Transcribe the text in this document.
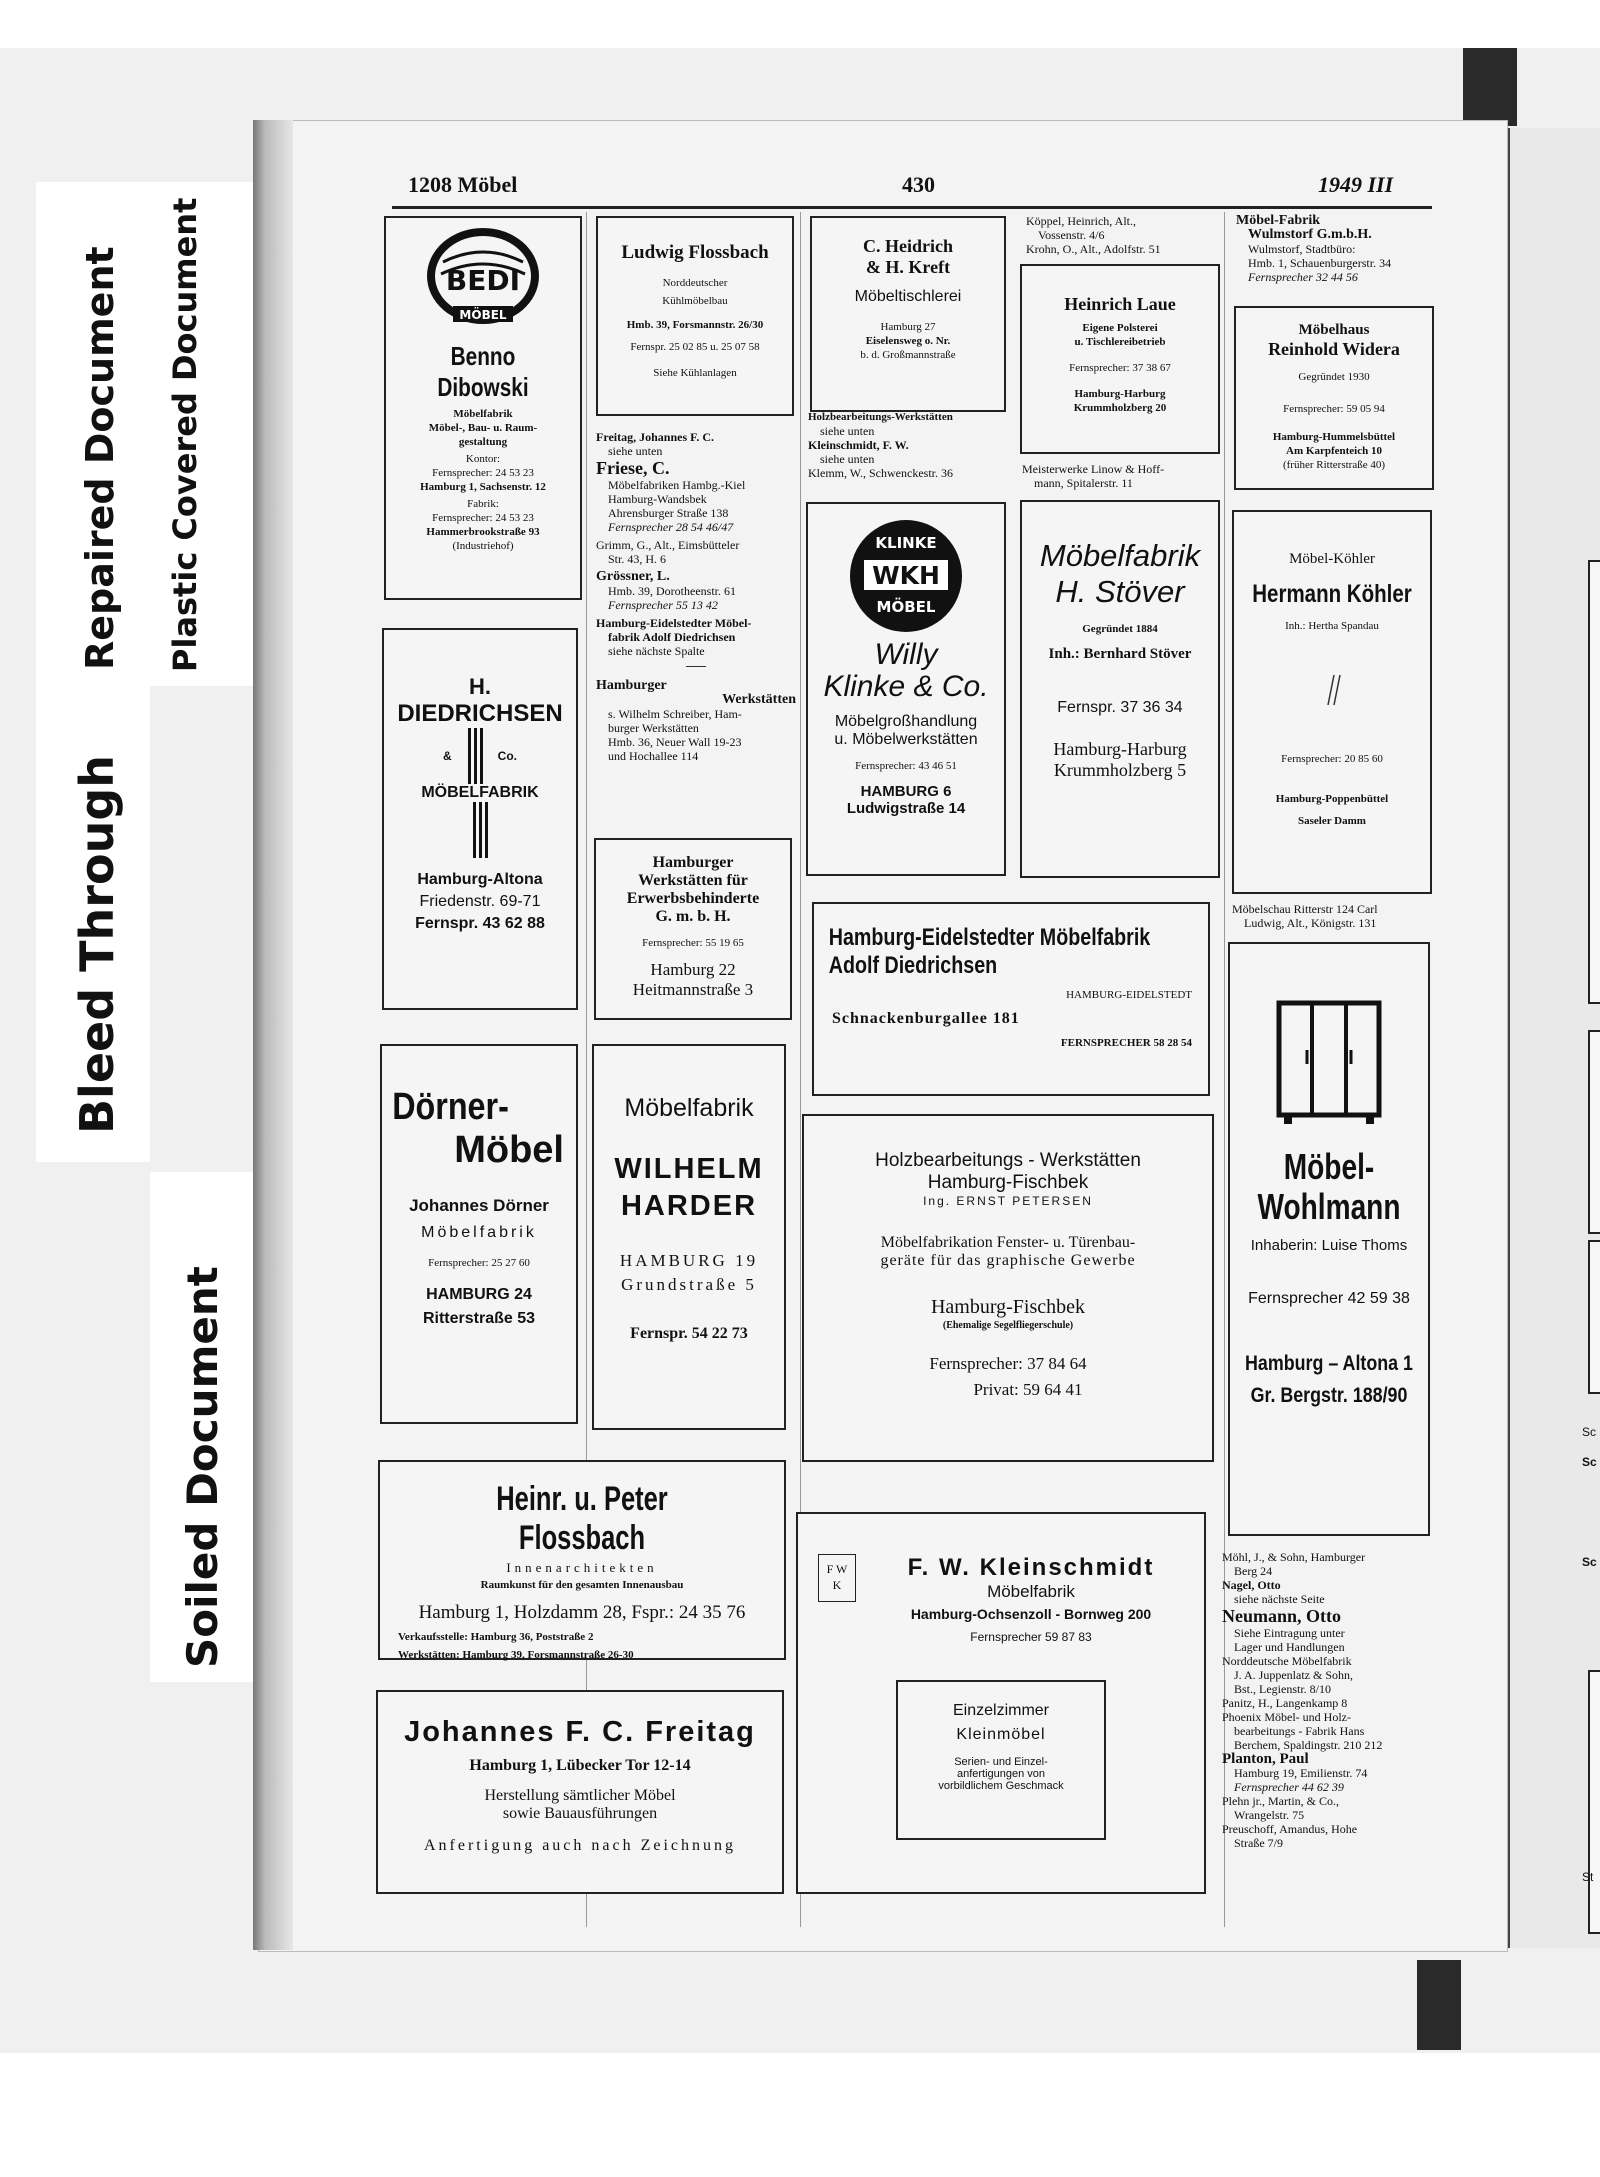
Sc
Sc
Sc
St
Bleed Through
Repaired Document Plastic Covered Document
Soiled Document
1208 Möbel	430	1949 III
BEDI
MÖBEL
Benno Dibowski
Möbelfabrik
Möbel-, Bau- u. Raum-
gestaltung
Kontor:
Fernsprecher: 24 53 23
Hamburg 1, Sachsenstr. 12
Fabrik:
Fernsprecher: 24 53 23
Hammerbrookstraße 93
(Industriehof)
H.
DIEDRICHSEN
&	Co.
MÖBELFABRIK
Hamburg-Altona
Friedenstr. 69-71
Fernspr. 43 62 88
Dörner-
Möbel
Johannes Dörner
Möbelfabrik
Fernsprecher: 25 27 60
HAMBURG 24
Ritterstraße 53
Heinr. u. Peter Flossbach
Innenarchitekten
Raumkunst für den gesamten Innenausbau
Hamburg 1, Holzdamm 28, Fspr.: 24 35 76
Verkaufsstelle: Hamburg 36, Poststraße 2
Werkstätten: Hamburg 39, Forsmannstraße 26-30
Johannes F. C. Freitag
Hamburg 1, Lübecker Tor 12-14
Herstellung sämtlicher Möbel
sowie Bauausführungen
Anfertigung auch nach Zeichnung
Ludwig Flossbach
Norddeutscher
Kühlmöbelbau
Hmb. 39, Forsmannstr. 26/30
Fernspr. 25 02 85 u. 25 07 58
Siehe Kühlanlagen
Freitag, Johannes F. C.
siehe unten
Friese, C.
Möbelfabriken Hambg.-Kiel
Hamburg-Wandsbek
Ahrensburger Straße 138
Fernsprecher 28 54 46/47
Grimm, G., Alt., Eimsbütteler
Str. 43, H. 6
Grössner, L.
Hmb. 39, Dorotheenstr. 61
Fernsprecher 55 13 42
Hamburg-Eidelstedter Möbel-
fabrik Adolf Diedrichsen
siehe nächste Spalte
Hamburger
Werkstätten
s. Wilhelm Schreiber, Ham-
burger Werkstätten
Hmb. 36, Neuer Wall 19-23
und Hochallee 114
Hamburger
Werkstätten für
Erwerbsbehinderte
G. m. b. H.
Fernsprecher: 55 19 65
Hamburg 22
Heitmannstraße 3
Möbelfabrik
WILHELM
HARDER
HAMBURG 19
Grundstraße 5
Fernspr. 54 22 73
C. Heidrich
& H. Kreft
Möbeltischlerei
Hamburg 27
Eiselensweg o. Nr.
b. d. Großmannstraße
Holzbearbeitungs-Werkstätten
siehe unten
Kleinschmidt, F. W.
siehe unten
Klemm, W., Schwenckestr. 36
KLINKE
WKH
MÖBEL
Willy
Klinke & Co.
Möbelgroßhandlung
u. Möbelwerkstätten
Fernsprecher: 43 46 51
HAMBURG 6
Ludwigstraße 14
Köppel, Heinrich, Alt.,
Vossenstr. 4/6
Krohn, O., Alt., Adolfstr. 51
Heinrich Laue
Eigene Polsterei
u. Tischlereibetrieb
Fernsprecher: 37 38 67
Hamburg-Harburg
Krummholzberg 20
Meisterwerke Linow & Hoff-
mann, Spitalerstr. 11
Möbelfabrik
H. Stöver
Gegründet 1884
Inh.: Bernhard Stöver
Fernspr. 37 36 34
Hamburg-Harburg
Krummholzberg 5
Hamburg-Eidelstedter Möbelfabrik
Adolf Diedrichsen
HAMBURG-EIDELSTEDT
Schnackenburgallee 181
FERNSPRECHER 58 28 54
Holzbearbeitungs - Werkstätten
Hamburg-Fischbek
Ing. ERNST PETERSEN
Möbelfabrikation Fenster- u. Türenbau-
geräte für das graphische Gewerbe
Hamburg-Fischbek
(Ehemalige Segelfliegerschule)
Fernsprecher: 37 84 64
Privat: 59 64 41
F W
K
F. W. Kleinschmidt
Möbelfabrik
Hamburg-Ochsenzoll - Bornweg 200
Fernsprecher 59 87 83
Einzelzimmer
Kleinmöbel
Serien- und Einzel-
anfertigungen von
vorbildlichem Geschmack
Möbel-Fabrik
Wulmstorf G.m.b.H.
Wulmstorf, Stadtbüro:
Hmb. 1, Schauenburgerstr. 34
Fernsprecher 32 44 56
Möbelhaus
Reinhold Widera
Gegründet 1930
Fernsprecher: 59 05 94
Hamburg-Hummelsbüttel
Am Karpfenteich 10
(früher Ritterstraße 40)
Möbel-Köhler
Hermann Köhler
Inh.: Hertha Spandau
Fernsprecher: 20 85 60
Hamburg-Poppenbüttel
Saseler Damm
Möbelschau Ritterstr 124 Carl
Ludwig, Alt., Königstr. 131
Möbel-
Wohlmann
Inhaberin: Luise Thoms
Fernsprecher 42 59 38
Hamburg – Altona 1
Gr. Bergstr. 188/90
Möhl, J., & Sohn, Hamburger
Berg 24
Nagel, Otto
siehe nächste Seite
Neumann, Otto
Siehe Eintragung unter
Lager und Handlungen
Norddeutsche Möbelfabrik
J. A. Juppenlatz & Sohn,
Bst., Legienstr. 8/10
Panitz, H., Langenkamp 8
Phoenix Möbel- und Holz-
bearbeitungs - Fabrik Hans
Berchem, Spaldingstr. 210 212
Planton, Paul
Hamburg 19, Emilienstr. 74
Fernsprecher 44 62 39
Plehn jr., Martin, & Co.,
Wrangelstr. 75
Preuschoff, Amandus, Hohe
Straße 7/9
